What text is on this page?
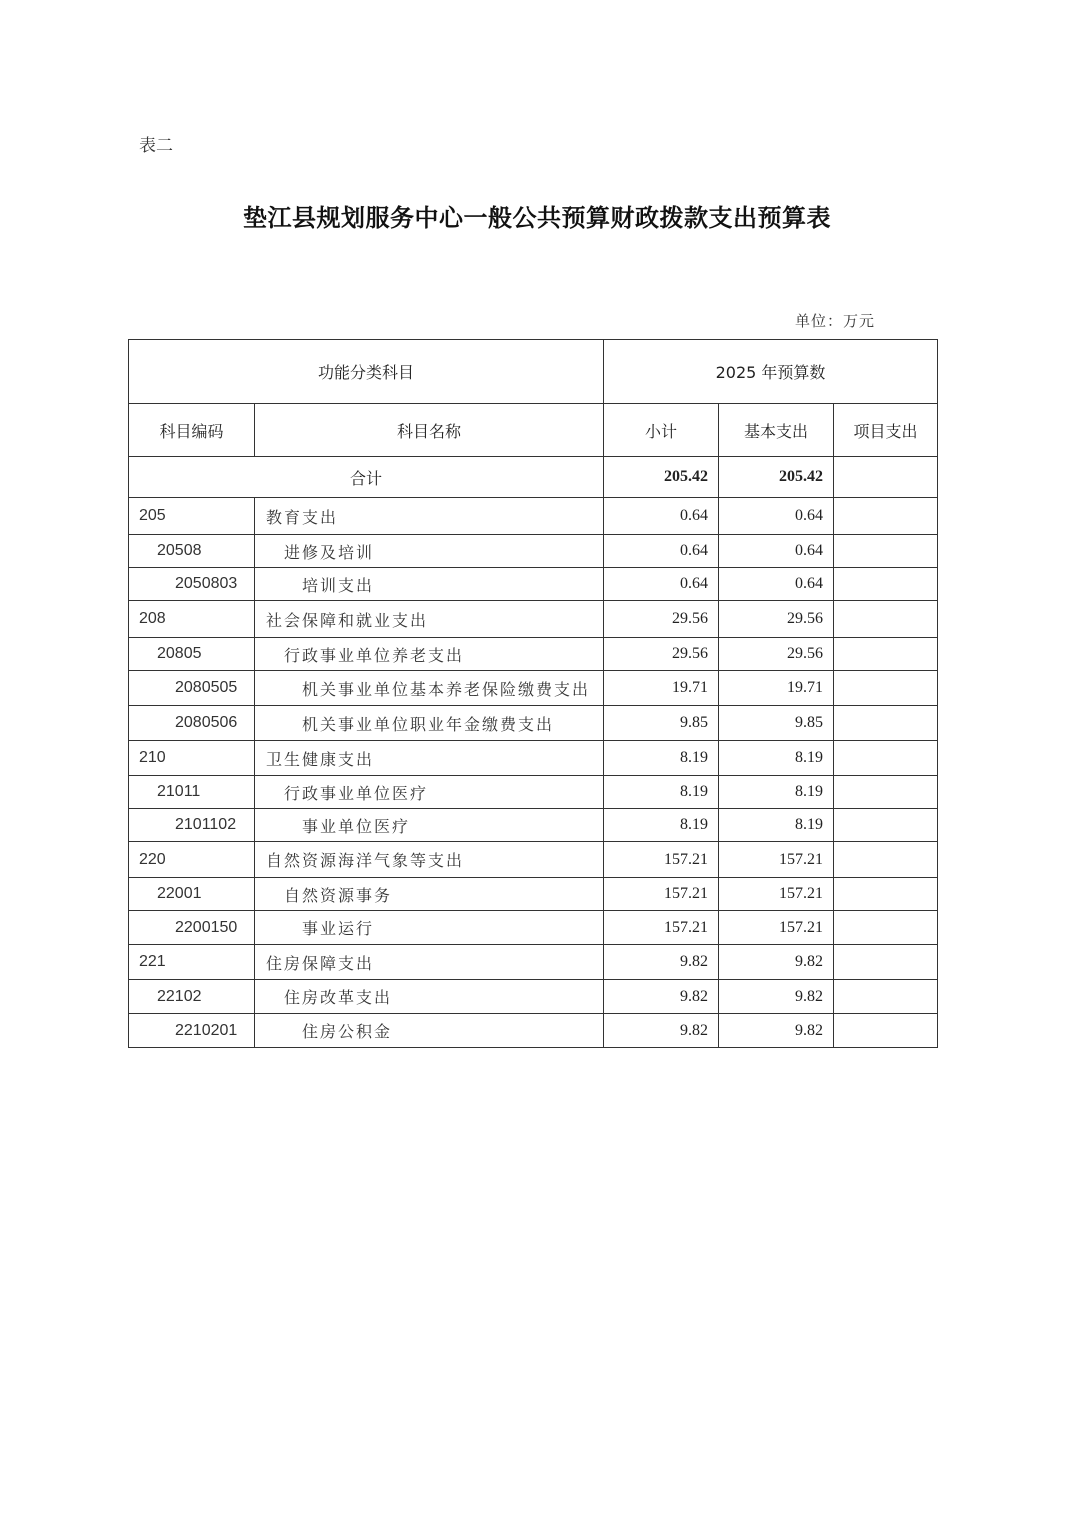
表二
垫江县规划服务中心一般公共预算财政拨款支出预算表
单位：万元
功能分类科目		2025 年预算数		
科目编码	科目名称	小计	基本支出	项目支出
合计		205.42	205.42	
205	教育支出	0.64	0.64	
20508	进修及培训	0.64	0.64	
2050803	培训支出	0.64	0.64	
208	社会保障和就业支出	29.56	29.56	
20805	行政事业单位养老支出	29.56	29.56	
2080505	机关事业单位基本养老保险缴费支出	19.71	19.71	
2080506	机关事业单位职业年金缴费支出	9.85	9.85	
210	卫生健康支出	8.19	8.19	
21011	行政事业单位医疗	8.19	8.19	
2101102	事业单位医疗	8.19	8.19	
220	自然资源海洋气象等支出	157.21	157.21	
22001	自然资源事务	157.21	157.21	
2200150	事业运行	157.21	157.21	
221	住房保障支出	9.82	9.82	
22102	住房改革支出	9.82	9.82	
2210201	住房公积金	9.82	9.82	
